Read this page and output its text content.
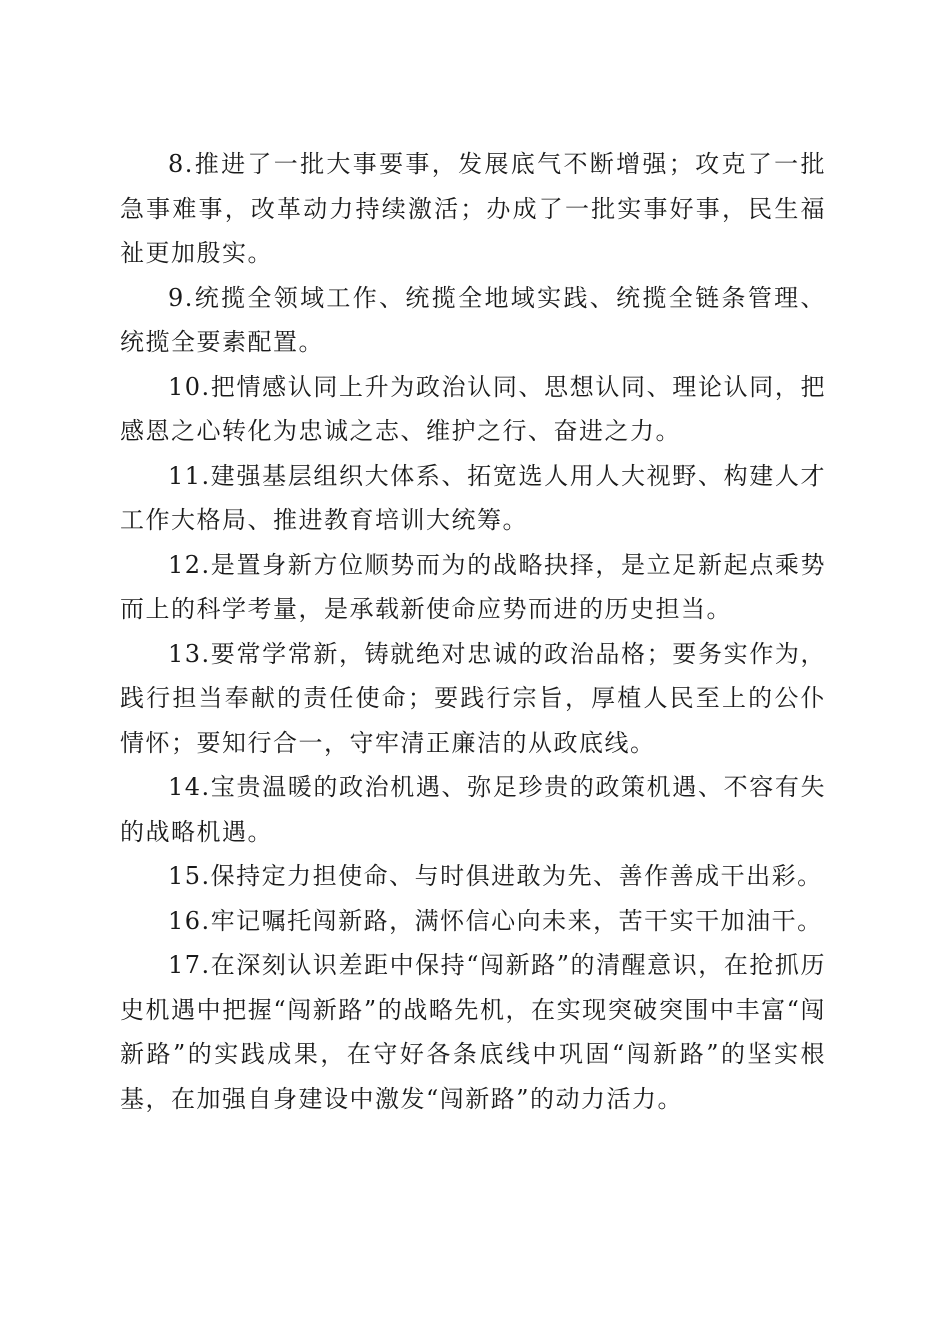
8.推进了一批大事要事，发展底气不断增强；攻克了一批急事难事，改革动力持续激活；办成了一批实事好事，民生福祉更加殷实。

9.统揽全领域工作、统揽全地域实践、统揽全链条管理、统揽全要素配置。

10.把情感认同上升为政治认同、思想认同、理论认同，把感恩之心转化为忠诚之志、维护之行、奋进之力。

11.建强基层组织大体系、拓宽选人用人大视野、构建人才工作大格局、推进教育培训大统筹。

12.是置身新方位顺势而为的战略抉择，是立足新起点乘势而上的科学考量，是承载新使命应势而进的历史担当。

13.要常学常新，铸就绝对忠诚的政治品格；要务实作为，践行担当奉献的责任使命；要践行宗旨，厚植人民至上的公仆情怀；要知行合一，守牢清正廉洁的从政底线。

14.宝贵温暖的政治机遇、弥足珍贵的政策机遇、不容有失的战略机遇。

15.保持定力担使命、与时俱进敢为先、善作善成干出彩。

16.牢记嘱托闯新路，满怀信心向未来，苦干实干加油干。

17.在深刻认识差距中保持“闯新路”的清醒意识，在抢抓历史机遇中把握“闯新路”的战略先机，在实现突破突围中丰富“闯新路”的实践成果，在守好各条底线中巩固“闯新路”的坚实根基，在加强自身建设中激发“闯新路”的动力活力。
